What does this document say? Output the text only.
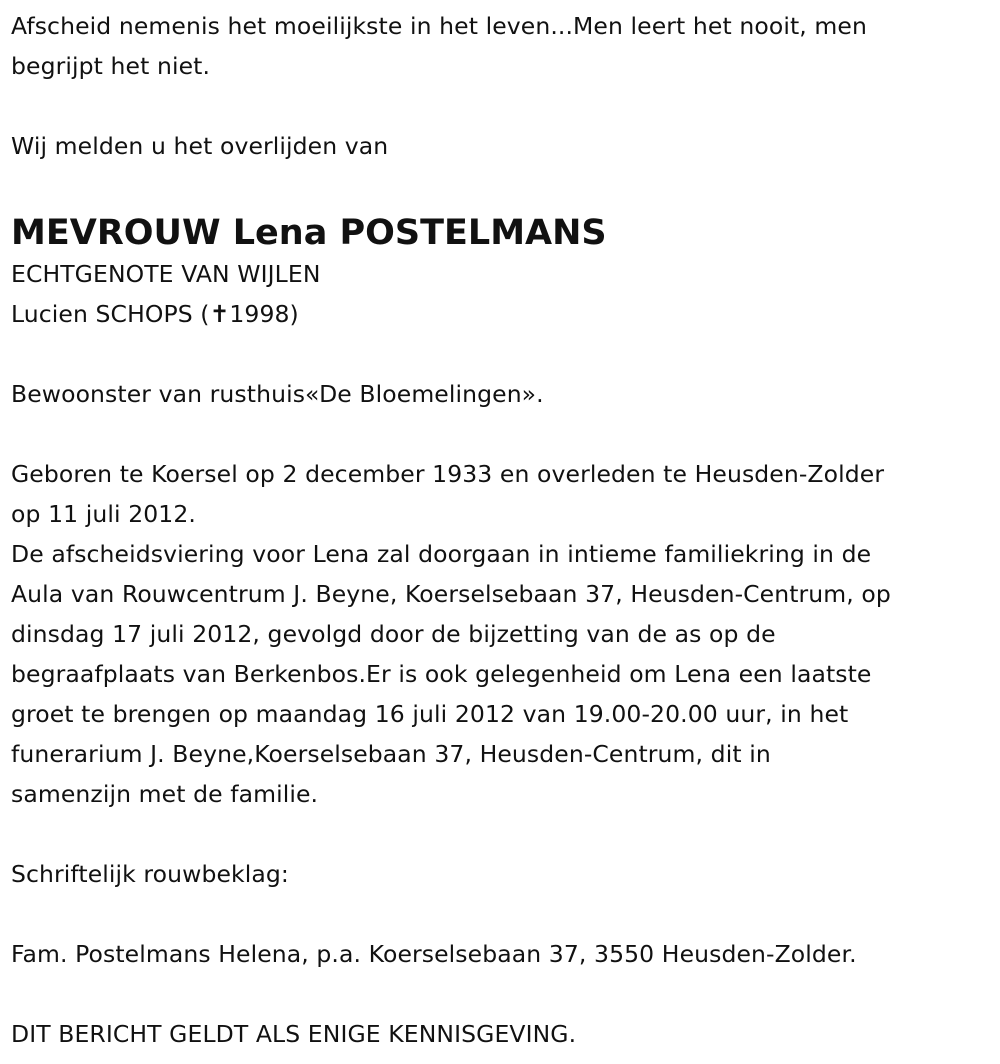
Afscheid nemenis het moeilijkste in het leven...Men leert het nooit, men
begrijpt het niet.
Wij melden u het overlijden van
MEVROUW Lena POSTELMANS
ECHTGENOTE VAN WIJLEN
Lucien SCHOPS (✝1998)
Bewoonster van rusthuis«De Bloemelingen».
Geboren te Koersel op 2 december 1933 en overleden te Heusden-Zolder
op 11 juli 2012.
De afscheidsviering voor Lena zal doorgaan in intieme familiekring in de
Aula van Rouwcentrum J. Beyne, Koerselsebaan 37, Heusden-Centrum, op
dinsdag 17 juli 2012, gevolgd door de bijzetting van de as op de
begraafplaats van Berkenbos.Er is ook gelegenheid om Lena een laatste
groet te brengen op maandag 16 juli 2012 van 19.00-20.00 uur, in het
funerarium J. Beyne,Koerselsebaan 37, Heusden-Centrum, dit in
samenzijn met de familie.
Schriftelijk rouwbeklag:
Fam. Postelmans Helena, p.a. Koerselsebaan 37, 3550 Heusden-Zolder.
DIT BERICHT GELDT ALS ENIGE KENNISGEVING.
